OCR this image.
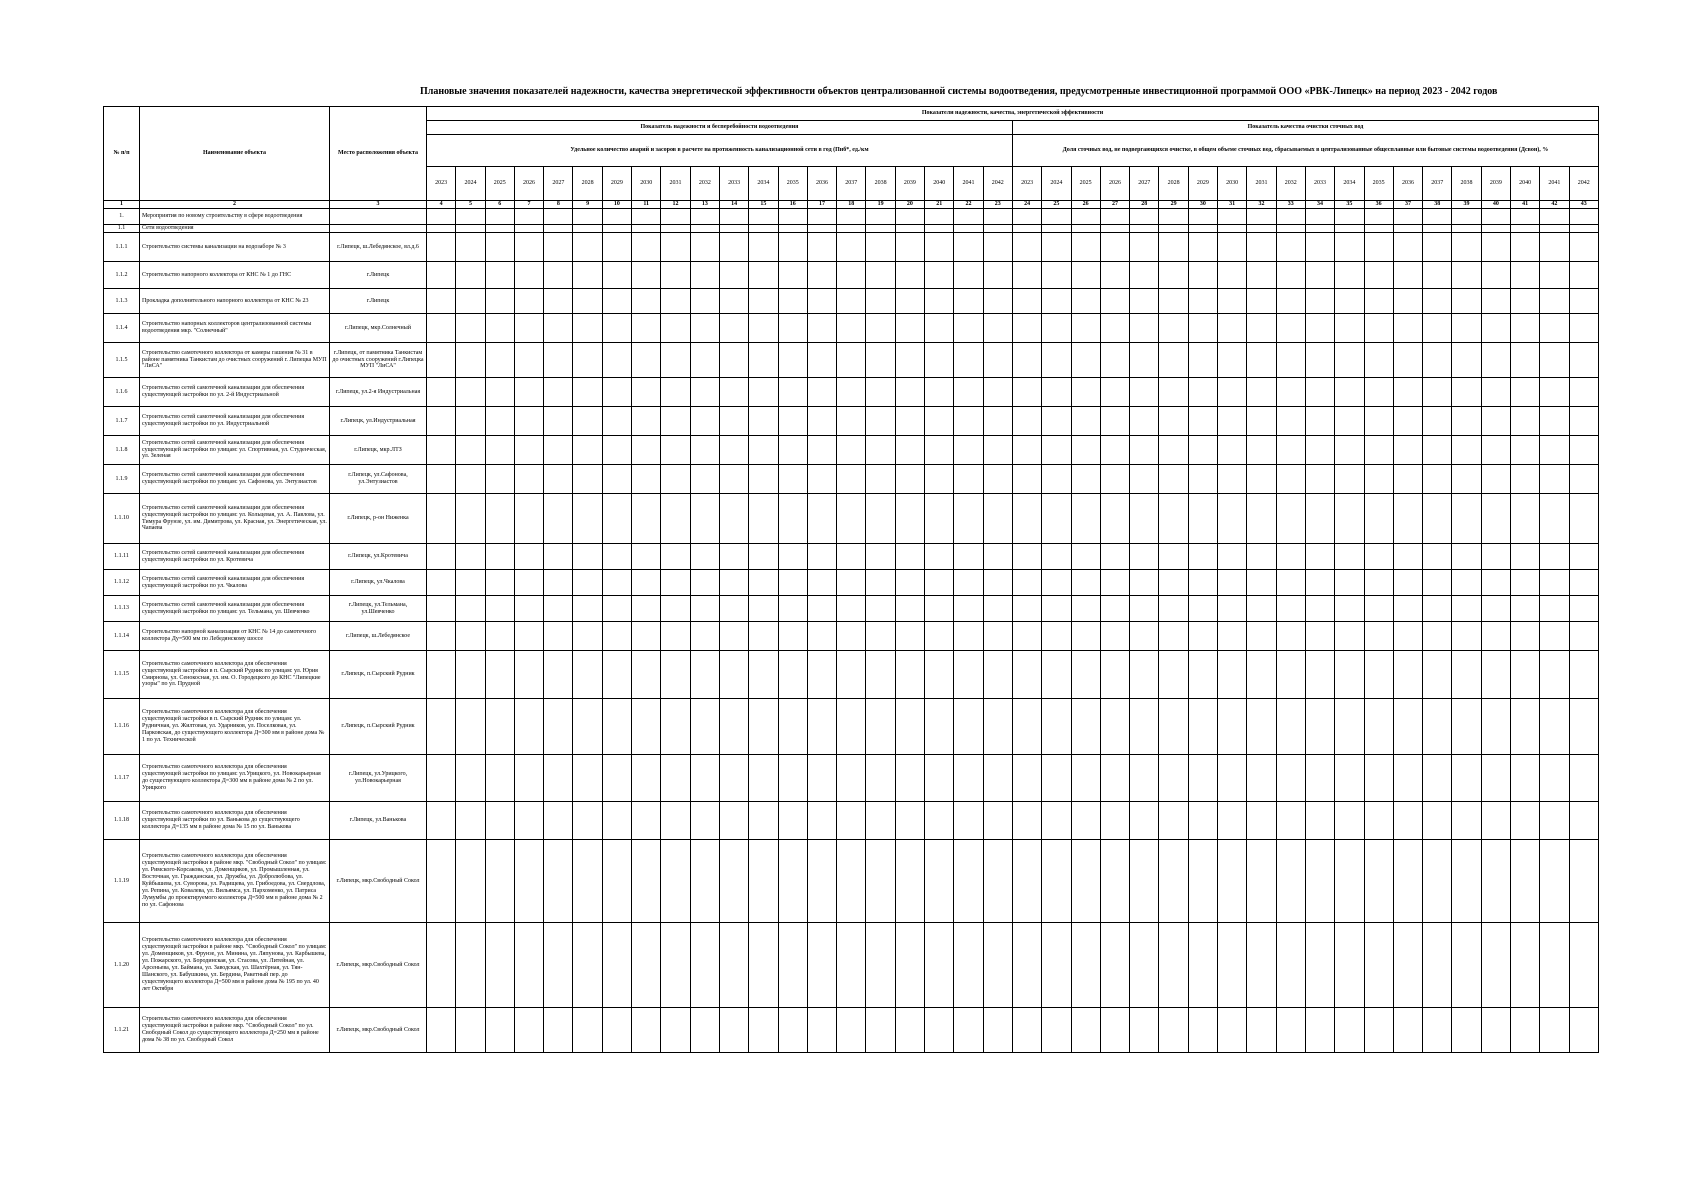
Плановые значения показателей надежности, качества энергетической эффективности объектов централизованной системы водоотведения, предусмотренные инвестиционной программой ООО «РВК-Липецк» на период 2023 - 2042 годов
№ п/п	Наименование объекта	Место расположения объекта	Показатели надежности, качества, энергетической эффективности																																							
			Показатель надежности и бесперебойности водоотведения																				Показатель качества очистки сточных вод																			
			Удельное количество аварий и засоров в расчете на протяженность канализационной сети в год (Пнб*, ед./км																				Доля сточных вод, не подвергающихся очистке, в общем объеме сточных вод, сбрасываемых в централизованные общесплавные или бытовые системы водоотведения (Дсвон), %																			
			2023	2024	2025	2026	2027	2028	2029	2030	2031	2032	2033	2034	2035	2036	2037	2038	2039	2040	2041	2042	2023	2024	2025	2026	2027	2028	2029	2030	2031	2032	2033	2034	2035	2036	2037	2038	2039	2040	2041	2042
1	2	3	4	5	6	7	8	9	10	11	12	13	14	15	16	17	18	19	20	21	22	23	24	25	26	27	28	29	30	31	32	33	34	35	36	37	38	39	40	41	42	43
1.	Мероприятия по новому строительству в сфере водоотведения																																									
1.1	Сети водоотведения																																									
1.1.1	Строительство системы канализации на водозаборе № 3	г.Липецк, ш.Лебедянское, вл.д.6																																								
1.1.2	Строительство напорного коллектора от КНС № 1 до ГНС	г.Липецк																																								
1.1.3	Прокладка дополнительного напорного коллектора от КНС № 23	г.Липецк																																								
1.1.4	Строительство напорных коллекторов централизованной системы водоотведения мкр. "Солнечный"	г.Липецк, мкр.Солнечный																																								
1.1.5	Строительство самотечного коллектора от камеры гашения № 31 в районе памятника Танкистам до очистных сооружений г. Липецка МУП "ЛиСА"	г.Липецк, от памятника Танкистам до очистных сооружений г.Липецка МУП "ЛиСА"																																								
1.1.6	Строительство сетей самотечной канализации для обеспечения существующей застройки по ул. 2-й Индустриальной	г.Липецк, ул.2-я Индустриальная																																								
1.1.7	Строительство сетей самотечной канализации для обеспечения существующей застройки по ул. Индустриальной	г.Липецк, ул.Индустриальная																																								
1.1.8	Строительство сетей самотечной канализации для обеспечения существующей застройки по улицам: ул. Спортивная, ул. Студенческая, ул. Зеленая	г.Липецк, мкр.ЛТЗ																																								
1.1.9	Строительство сетей самотечной канализации для обеспечения существующей застройки по улицам: ул. Сафонова, ул. Энтузиастов	г.Липецк, ул.Сафонова, ул.Энтузиастов																																								
1.1.10	Строительство сетей самотечной канализации для обеспечения существующей застройки по улицам: ул. Кольцевая, ул. А. Павлова, ул. Тимура Фрунзе, ул. им. Димитрова, ул. Красная, ул. Энергетическая, ул. Чапаева	г.Липецк, р-он Ниженка																																								
1.1.11	Строительство сетей самотечной канализации для обеспечения существующей застройки по ул. Кротевича	г.Липецк, ул.Кротевича																																								
1.1.12	Строительство сетей самотечной канализации для обеспечения существующей застройки по ул. Чкалова	г.Липецк, ул.Чкалова																																								
1.1.13	Строительство сетей самотечной канализации для обеспечения существующей застройки по улицам: ул. Тельмана, ул. Шевченко	г.Липецк, ул.Тельмана, ул.Шевченко																																								
1.1.14	Строительство напорной канализации от КНС № 14 до самотечного коллектора Ду=500 мм по Лебедянскому шоссе	г.Липецк, ш.Лебедянское																																								
1.1.15	Строительство самотечного коллектора для обеспечения существующей застройки в п. Сырский Рудник по улицам: ул. Юрия Смирнова, ул. Сенокосная, ул. им. О. Городецкого до КНС "Липецкие узоры" по ул. Прудной	г.Липецк, п.Сырский Рудник																																								
1.1.16	Строительство самотечного коллектора для обеспечения существующей застройки в п. Сырский Рудник по улицам: ул. Рудничная, ул. Жилтовая, ул. Ударников, ул. Поселковая, ул. Парковская, до существующего коллектора Д=300 мм в районе дома № 1 по ул. Технической	г.Липецк, п.Сырский Рудник																																								
1.1.17	Строительство самотечного коллектора для обеспечения существующей застройки по улицам: ул.Урицкого, ул. Новокарьерная до существующего коллектора Д=300 мм в районе дома № 2 по ул. Урицкого	г.Липецк, ул.Урицкого, ул.Новокарьерная																																								
1.1.18	Строительство самотечного коллектора для обеспечения существующей застройки по ул. Ванькова до существующего коллектора Д=135 мм в районе дома № 15 по ул. Ванькова	г.Липецк, ул.Ванькова																																								
1.1.19	Строительство самотечного коллектора для обеспечения существующей застройки в районе мкр. "Свободный Сокол" по улицам: ул. Римского-Корсакова, ул. Доменщиков, ул. Промышленная, ул. Восточная, ул. Гражданская, ул. Дружбы, ул. Добролюбова, ул. Куйбышева, ул. Суворова, ул. Радищева, ул. Грибоедова, ул. Свердлова, ул. Репина, ул. Ковалева, ул. Вильямса, ул. Пархоменко, ул. Патриса Лумумбы до проектируемого коллектора Д=500 мм в районе дома № 2 по ул. Сафонова	г.Липецк, мкр.Свободный Сокол																																								
1.1.20	Строительство самотечного коллектора для обеспечения существующей застройки в районе мкр. "Свободный Сокол" по улицам: ул. Доменщиков, ул. Фрунзе, ул. Минина, ул. Ляпунова, ул. Карбышева, ул. Пожарского, ул. Бородинская, ул. Стасова, ул. Литейная, ул. Арсеньева, ул. Баймана, ул. Заводская, ул. Шахтёрная, ул. Тян-Шанского, ул. Бабушкина, ул. Бердина, Ракетный пер. до существующего коллектора Д=500 мм в районе дома № 195 по ул. 40 лет Октября	г.Липецк, мкр.Свободный Сокол																																								
1.1.21	Строительство самотечного коллектора для обеспечения существующей застройки в районе мкр. "Свободный Сокол" по ул. Свободный Сокол до существующего коллектора Д=250 мм в районе дома № 38 по ул. Свободный Сокол	г.Липецк, мкр.Свободный Сокол																																								
